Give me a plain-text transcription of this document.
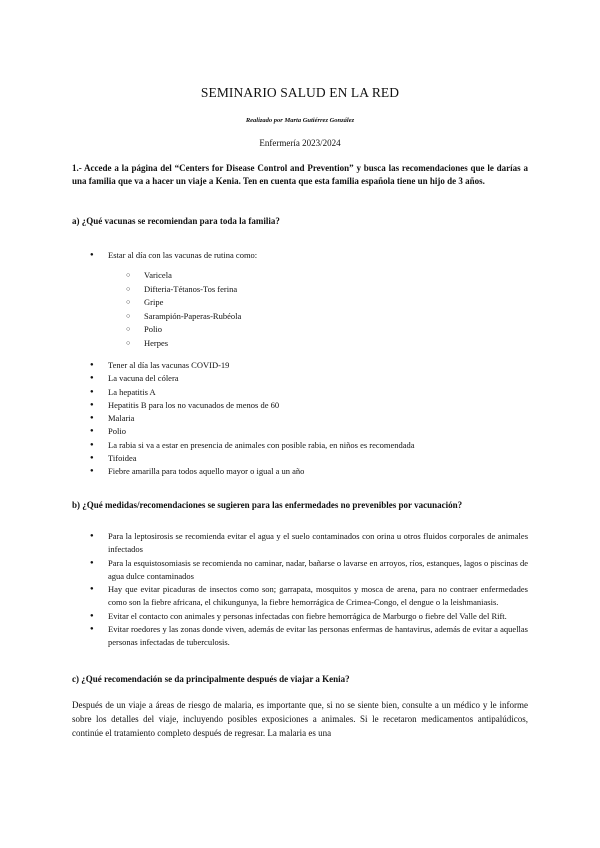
SEMINARIO SALUD EN LA RED
Realizado por Marta Gutiérrez González
Enfermería 2023/2024
1.- Accede a la página del “Centers for Disease Control and Prevention” y busca las recomendaciones que le darías a una familia que va a hacer un viaje a Kenia. Ten en cuenta que esta familia española tiene un hijo de 3 años.
a) ¿Qué vacunas se recomiendan para toda la familia?
● Estar al día con las vacunas de rutina como:
○ Varicela
○ Difteria-Tétanos-Tos ferina
○ Gripe
○ Sarampión-Paperas-Rubéola
○ Polio
○ Herpes
● Tener al día las vacunas COVID-19
● La vacuna del cólera
● La hepatitis A
● Hepatitis B para los no vacunados de menos de 60
● Malaria
● Polio
● La rabia si va a estar en presencia de animales con posible rabia, en niños es recomendada
● Tifoidea
● Fiebre amarilla para todos aquello mayor o igual a un año
b) ¿Qué medidas/recomendaciones se sugieren para las enfermedades no prevenibles por vacunación?
● Para la leptosirosis se recomienda evitar el agua y el suelo contaminados con orina u otros fluidos corporales de animales infectados
● Para la esquistosomiasis se recomienda no caminar, nadar, bañarse o lavarse en arroyos, ríos, estanques, lagos o piscinas de agua dulce contaminados
● Hay que evitar picaduras de insectos como son; garrapata, mosquitos y mosca de arena, para no contraer enfermedades como son la fiebre africana, el chikungunya, la fiebre hemorrágica de Crimea-Congo, el dengue o la leishmaniasis.
● Evitar el contacto con animales y personas infectadas con fiebre hemorrágica de Marburgo o fiebre del Valle del Rift.
● Evitar roedores y las zonas donde viven, además de evitar las personas enfermas de hantavirus, además de evitar a aquellas personas infectadas de tuberculosis.
c) ¿Qué recomendación se da principalmente después de viajar a Kenia?
Después de un viaje a áreas de riesgo de malaria, es importante que, si no se siente bien, consulte a un médico y le informe sobre los detalles del viaje, incluyendo posibles exposiciones a animales. Si le recetaron medicamentos antipalúdicos, continúe el tratamiento completo después de regresar. La malaria es una
